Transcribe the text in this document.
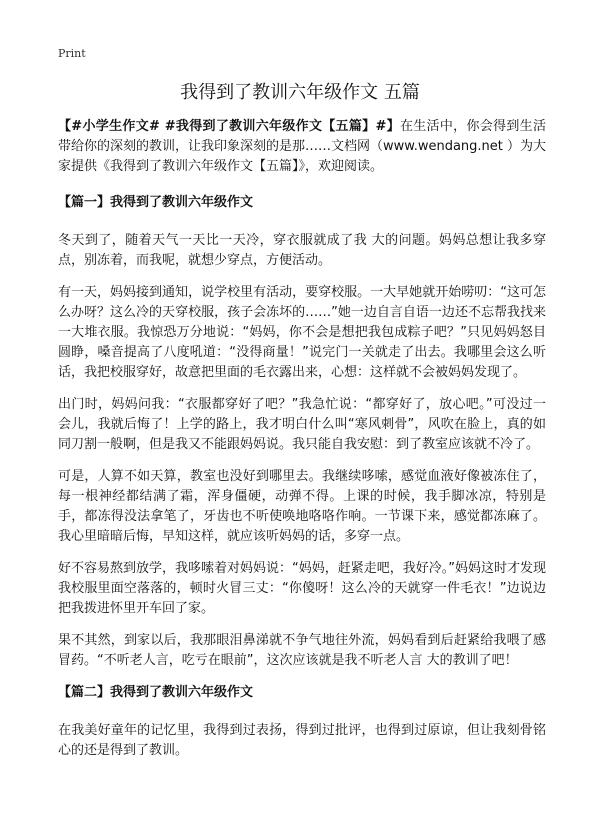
Print
我得到了教训六年级作文 五篇

【#小学生作文# #我得到了教训六年级作文【五篇】#】在生活中，你会得到生活带给你的深刻的教训，让我印象深刻的是那……文档网（www.wendang.net ）为大家提供《我得到了教训六年级作文【五篇】》，欢迎阅读。

【篇一】我得到了教训六年级作文

冬天到了，随着天气一天比一天冷，穿衣服就成了我 大的问题。妈妈总想让我多穿点，别冻着，而我呢，就想少穿点，方便活动。

有一天，妈妈接到通知，说学校里有活动，要穿校服。一大早她就开始唠叨：“这可怎么办呀？这么冷的天穿校服，孩子会冻坏的……”她一边自言自语一边还不忘帮我找来一大堆衣服。我惊恐万分地说：“妈妈，你不会是想把我包成粽子吧？”只见妈妈怒目圆睁，嗓音提高了八度吼道：“没得商量！”说完门一关就走了出去。我哪里会这么听话，我把校服穿好，故意把里面的毛衣露出来，心想：这样就不会被妈妈发现了。

出门时，妈妈问我：“衣服都穿好了吧？”我急忙说：“都穿好了，放心吧。”可没过一会儿，我就后悔了！上学的路上，我才明白什么叫“寒风刺骨”，风吹在脸上，真的如同刀割一般啊，但是我又不能跟妈妈说。我只能自我安慰：到了教室应该就不冷了。

可是，人算不如天算，教室也没好到哪里去。我继续哆嗦，感觉血液好像被冻住了，每一根神经都结满了霜，浑身僵硬，动弹不得。上课的时候，我手脚冰凉，特别是手，都冻得没法拿笔了，牙齿也不听使唤地咯咯作响。一节课下来，感觉都冻麻了。我心里暗暗后悔，早知这样，就应该听妈妈的话，多穿一点。

好不容易熬到放学，我哆嗦着对妈妈说：“妈妈，赶紧走吧，我好冷。”妈妈这时才发现我校服里面空落落的，顿时火冒三丈：“你傻呀！这么冷的天就穿一件毛衣！”边说边把我拨进怀里开车回了家。

果不其然，到家以后，我那眼泪鼻涕就不争气地往外流，妈妈看到后赶紧给我喂了感冒药。“不听老人言，吃亏在眼前”，这次应该就是我不听老人言 大的教训了吧！

【篇二】我得到了教训六年级作文

在我美好童年的记忆里，我得到过表扬，得到过批评，也得到过原谅，但让我刻骨铭心的还是得到了教训。
